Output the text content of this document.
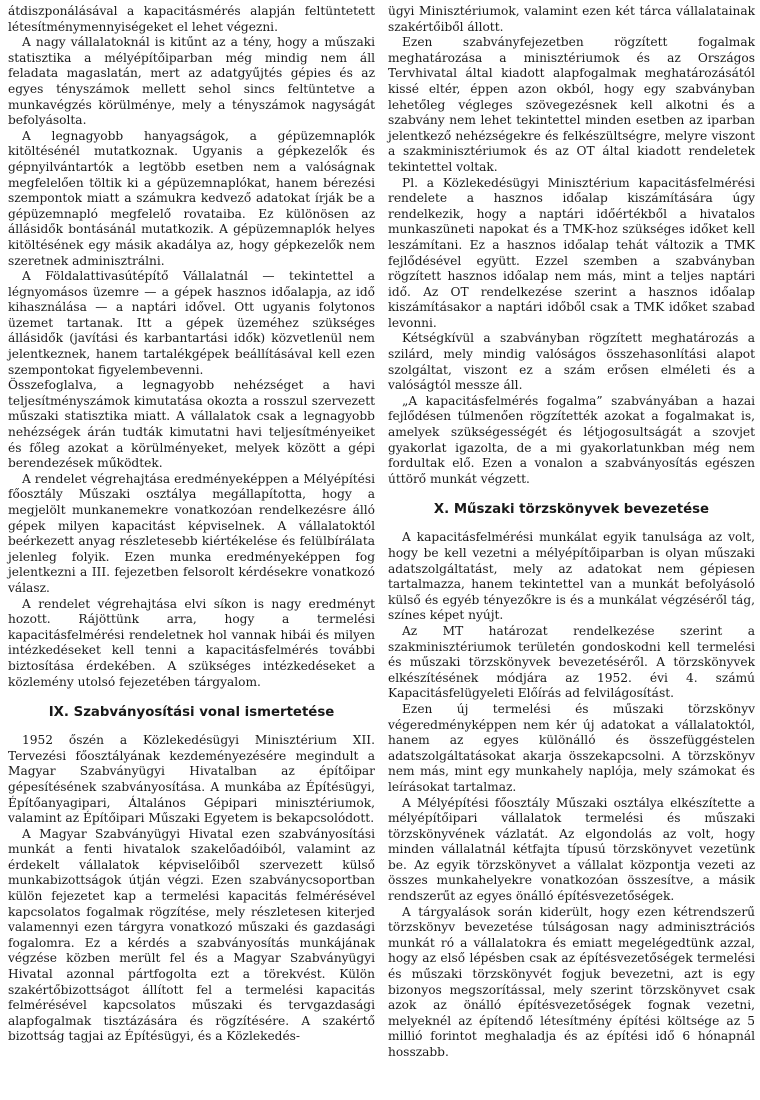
átdiszponálásával a kapacitásmérés alapján feltüntetett létesítménymennyiségeket el lehet végezni.

A nagy vállalatoknál is kitűnt az a tény, hogy a műszaki statisztika a mélyépítőiparban még mindig nem áll feladata magaslatán, mert az adatgyűjtés gépies és az egyes tényszámok mellett sehol sincs feltüntetve a munkavégzés körülménye, mely a tényszámok nagyságát befolyásolta.

A legnagyobb hanyagságok, a gépüzemnaplók kitöltésénél mutatkoznak. Ugyanis a gépkezelők és gépnyilvántartók a legtöbb esetben nem a valóságnak megfelelően töltik ki a gépüzemnaplókat, hanem bérezési szempontok miatt a számukra kedvező adatokat írják be a gépüzemnapló megfelelő rovataiba. Ez különösen az állásidők bontásánál mutatkozik. A gépüzemnaplók helyes kitöltésének egy másik akadálya az, hogy gépkezelők nem szeretnek adminisztrálni.

A Földalattivasútépítő Vállalatnál — tekintettel a légnyomásos üzemre — a gépek hasznos időalapja, az idő kihasználása — a naptári idővel. Ott ugyanis folytonos üzemet tartanak. Itt a gépek üzeméhez szükséges állásidők (javítási és karbantartási idők) közvetlenül nem jelentkeznek, hanem tartalékgépek beállításával kell ezen szempontokat figyelembevenni.

Összefoglalva, a legnagyobb nehézséget a havi teljesítményszámok kimutatása okozta a rosszul szervezett műszaki statisztika miatt. A vállalatok csak a legnagyobb nehézségek árán tudták kimutatni havi teljesítményeiket és főleg azokat a körülményeket, melyek között a gépi berendezések működtek.

A rendelet végrehajtása eredményeképpen a Mélyépítési főosztály Műszaki osztálya megállapította, hogy a megjelölt munkanemekre vonatkozóan rendelkezésre álló gépek milyen kapacitást képviselnek. A vállalatoktól beérkezett anyag részletesebb kiértékelése és felülbírálata jelenleg folyik. Ezen munka eredményeképpen fog jelentkezni a III. fejezetben felsorolt kérdésekre vonatkozó válasz.

A rendelet végrehajtása elvi síkon is nagy eredményt hozott. Rájöttünk arra, hogy a termelési kapacitásfelmérési rendeletnek hol vannak hibái és milyen intézkedéseket kell tenni a kapacitásfelmérés további biztosítása érdekében. A szükséges intézkedéseket a közlemény utolsó fejezetében tárgyalom.

IX. Szabványosítási vonal ismertetése

1952 őszén a Közlekedésügyi Minisztérium XII. Tervezési főosztályának kezdeményezésére megindult a Magyar Szabványügyi Hivatalban az építőipar gépesítésének szabványosítása. A munkába az Építésügyi, Építőanyagipari, Általános Gépipari minisztériumok, valamint az Építőipari Műszaki Egyetem is bekapcsolódott.

A Magyar Szabványügyi Hivatal ezen szabványosítási munkát a fenti hivatalok szakelőadóiból, valamint az érdekelt vállalatok képviselőiből szervezett külső munkabizottságok útján végzi. Ezen szabványcsoportban külön fejezetet kap a termelési kapacitás felmérésével kapcsolatos fogalmak rögzítése, mely részletesen kiterjed valamennyi ezen tárgyra vonatkozó műszaki és gazdasági fogalomra. Ez a kérdés a szabványosítás munkájának végzése közben merült fel és a Magyar Szabványügyi Hivatal azonnal pártfogolta ezt a törekvést. Külön szakértőbizottságot állított fel a termelési kapacitás felmérésével kapcsolatos műszaki és tervgazdasági alapfogalmak tisztázására és rögzítésére. A szakértő bizottság tagjai az Építésügyi, és a Közlekedés-

ügyi Minisztériumok, valamint ezen két tárca vállalatainak szakértőiből állott.

Ezen szabványfejezetben rögzített fogalmak meghatározása a minisztériumok és az Országos Tervhivatal által kiadott alapfogalmak meghatározásától kissé eltér, éppen azon okból, hogy egy szabványban lehetőleg végleges szövegezésnek kell alkotni és a szabvány nem lehet tekintettel minden esetben az iparban jelentkező nehézségekre és felkészültségre, melyre viszont a szakminisztériumok és az OT által kiadott rendeletek tekintettel voltak.

Pl. a Közlekedésügyi Minisztérium kapacitásfelmérési rendelete a hasznos időalap kiszámítására úgy rendelkezik, hogy a naptári időértékből a hivatalos munkaszüneti napokat és a TMK-hoz szükséges időket kell leszámítani. Ez a hasznos időalap tehát változik a TMK fejlődésével együtt. Ezzel szemben a szabványban rögzített hasznos időalap nem más, mint a teljes naptári idő. Az OT rendelkezése szerint a hasznos időalap kiszámításakor a naptári időből csak a TMK időket szabad levonni.

Kétségkívül a szabványban rögzített meghatározás a szilárd, mely mindig valóságos összehasonlítási alapot szolgáltat, viszont ez a szám erősen elméleti és a valóságtól messze áll.

„A kapacitásfelmérés fogalma” szabványában a hazai fejlődésen túlmenően rögzítették azokat a fogalmakat is, amelyek szükségességét és létjogosultságát a szovjet gyakorlat igazolta, de a mi gyakorlatunkban még nem fordultak elő. Ezen a vonalon a szabványosítás egészen úttörő munkát végzett.

X. Műszaki törzskönyvek bevezetése

A kapacitásfelmérési munkálat egyik tanulsága az volt, hogy be kell vezetni a mélyépítőiparban is olyan műszaki adatszolgáltatást, mely az adatokat nem gépiesen tartalmazza, hanem tekintettel van a munkát befolyásoló külső és egyéb tényezőkre is és a munkálat végzéséről tág, színes képet nyújt.

Az MT határozat rendelkezése szerint a szakminisztériumok területén gondoskodni kell termelési és műszaki törzskönyvek bevezetéséről. A törzskönyvek elkészítésének módjára az 1952. évi 4. számú Kapacitásfelügyeleti Előírás ad felvilágosítást.

Ezen új termelési és műszaki törzskönyv végeredményképpen nem kér új adatokat a vállalatoktól, hanem az egyes különálló és összefüggéstelen adatszolgáltatásokat akarja összekapcsolni. A törzskönyv nem más, mint egy munkahely naplója, mely számokat és leírásokat tartalmaz.

A Mélyépítési főosztály Műszaki osztálya elkészítette a mélyépítőipari vállalatok termelési és műszaki törzskönyvének vázlatát. Az elgondolás az volt, hogy minden vállalatnál kétfajta típusú törzskönyvet vezetünk be. Az egyik törzskönyvet a vállalat központja vezeti az összes munkahelyekre vonatkozóan összesítve, a másik rendszerűt az egyes önálló építésvezetőségek.

A tárgyalások során kiderült, hogy ezen kétrendszerű törzskönyv bevezetése túlságosan nagy adminisztrációs munkát ró a vállalatokra és emiatt megelégedtünk azzal, hogy az első lépésben csak az építésvezetőségek termelési és műszaki törzskönyvét fogjuk bevezetni, azt is egy bizonyos megszorítással, mely szerint törzskönyvet csak azok az önálló építésvezetőségek fognak vezetni, melyeknél az építendő létesítmény építési költsége az 5 millió forintot meghaladja és az építési idő 6 hónapnál hosszabb.
